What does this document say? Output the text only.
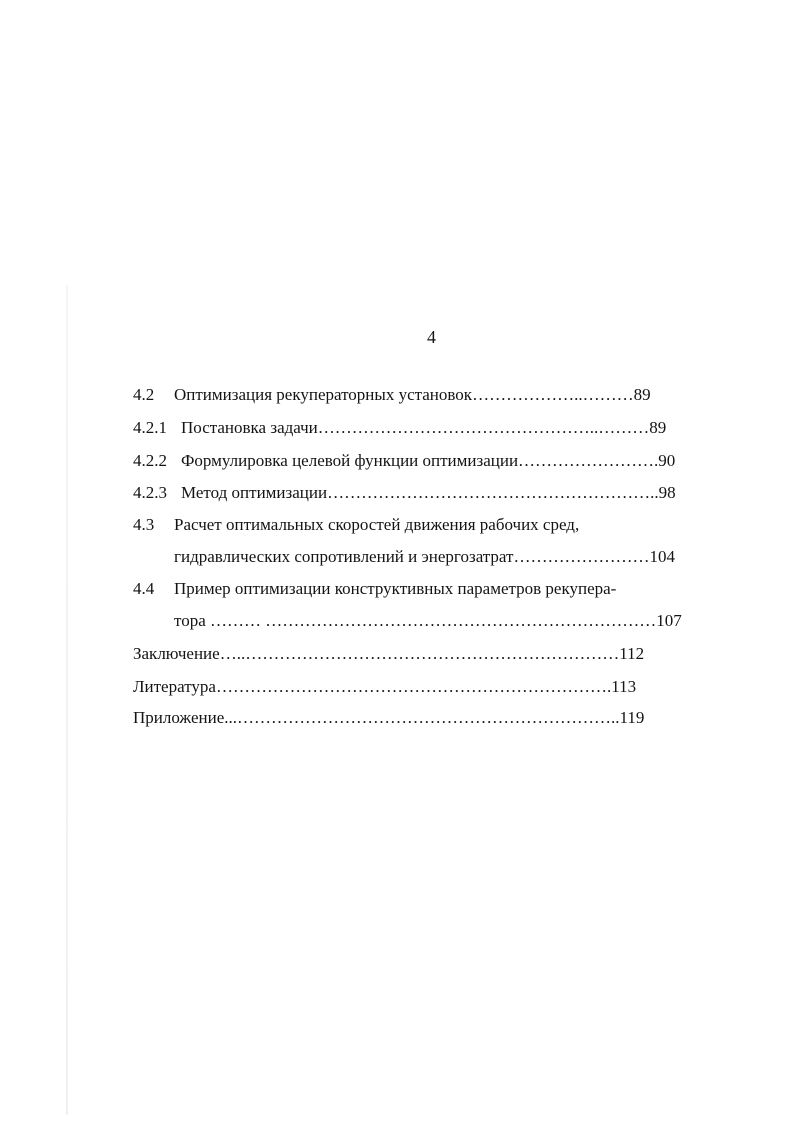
4
4.2 Оптимизация рекуператорных установок………………..………89
4.2.1 Постановка задачи…………………………………………..………89
4.2.2 Формулировка целевой функции оптимизации…………………….90
4.2.3 Метод оптимизации…………………………………………………..98
4.3 Расчет оптимальных скоростей движения рабочих сред,
гидравлических сопротивлений и энергозатрат……………………104
4.4 Пример оптимизации конструктивных параметров рекупера-
тора ……… ……………………………………………………………107
Заключение…..…………………………………………………………112
Литература…………………………………………………………….113
Приложение...…………………………………………………………..119
